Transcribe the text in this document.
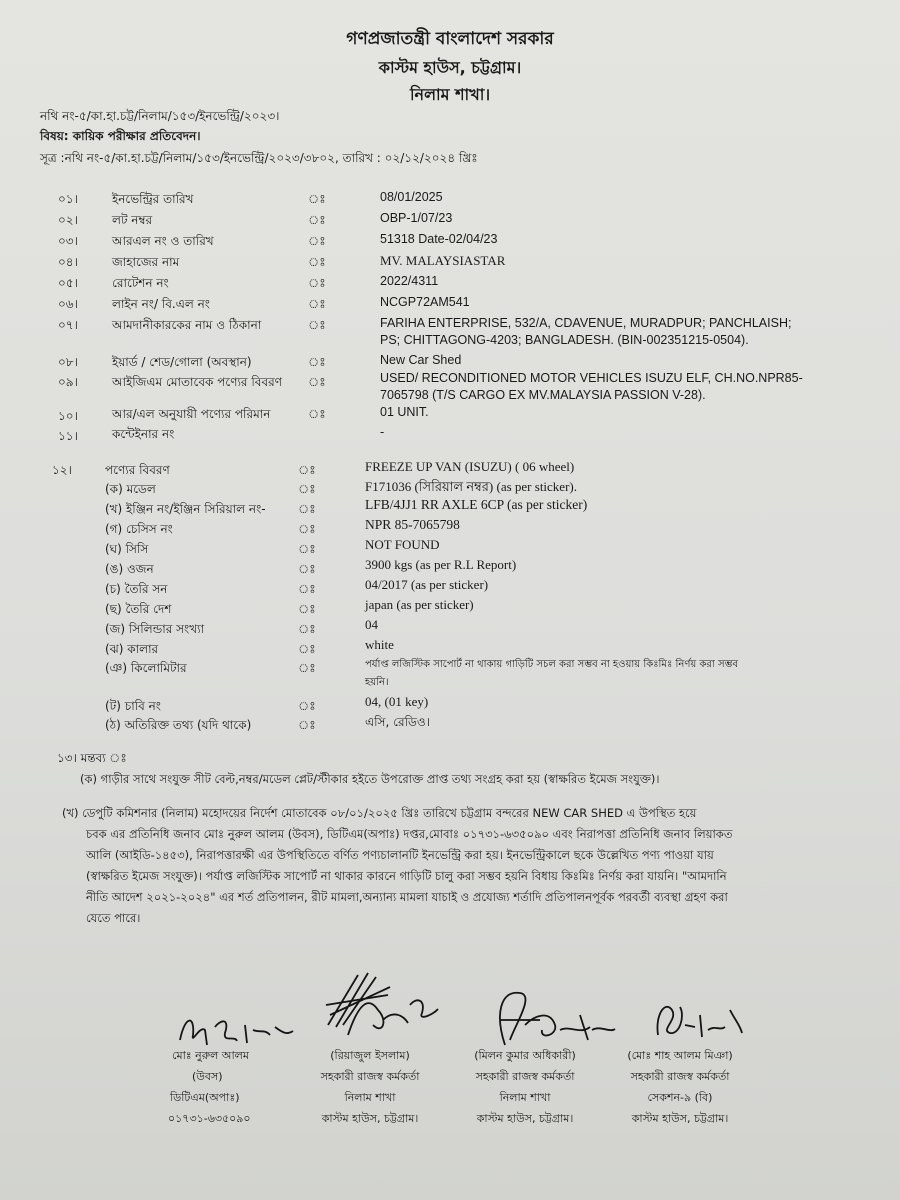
গণপ্রজাতন্ত্রী বাংলাদেশ সরকার
কাস্টম হাউস, চট্টগ্রাম।
নিলাম শাখা।
নথি নং-৫/কা.হা.চট্ট/নিলাম/১৫৩/ইনভেন্ট্রি/২০২৩।
বিষয়: কায়িক পরীক্ষার প্রতিবেদন।
সূত্র :নথি নং-৫/কা.হা.চট্ট/নিলাম/১৫৩/ইনভেন্ট্রি/২০২৩/৩৮০২, তারিখ : ০২/১২/২০২৪ খ্রিঃ
০১।	ইনভেন্ট্রির তারিখ	ঃ	08/01/2025
০২।	লট নম্বর	ঃ	OBP-1/07/23
০৩।	আরএল নং ও তারিখ	ঃ	51318 Date-02/04/23
০৪।	জাহাজের নাম	ঃ	MV. MALAYSIASTAR
০৫।	রোটেশন নং	ঃ	2022/4311
০৬।	লাইন নং/ বি.এল নং	ঃ	NCGP72AM541
০৭।	আমদানীকারকের নাম ও ঠিকানা	ঃ	FARIHA ENTERPRISE, 532/A, CDAVENUE, MURADPUR; PANCHLAISH;
PS; CHITTAGONG-4203; BANGLADESH. (BIN-002351215-0504).
০৮।	ইয়ার্ড / শেড/গোলা (অবস্থান)	ঃ	New Car Shed
০৯।	আইজিএম মোতাবেক পণ্যের বিবরণ ঃ	USED/ RECONDITIONED MOTOR VEHICLES ISUZU ELF, CH.NO.NPR85-
7065798 (T/S CARGO EX MV.MALAYSIA PASSION V-28).
১০।	আর/এল অনুযায়ী পণ্যের পরিমান	ঃ	01 UNIT.
১১।	কন্টেইনার নং	-
১২।	পণ্যের বিবরণ	ঃ	FREEZE UP VAN (ISUZU) ( 06 wheel)
(ক) মডেল	ঃ	F171036 (সিরিয়াল নম্বর) (as per sticker).
(খ) ইঞ্জিন নং/ইঞ্জিন সিরিয়াল নং-	ঃ	LFB/4JJ1 RR AXLE 6CP (as per sticker)
(গ) চেসিস নং	ঃ	NPR 85-7065798
(ঘ) সিসি	ঃ	NOT FOUND
(ঙ) ওজন	ঃ	3900 kgs (as per R.L Report)
(চ) তৈরি সন	ঃ	04/2017 (as per sticker)
(ছ) তৈরি দেশ	ঃ	japan (as per sticker)
(জ) সিলিন্ডার সংখ্যা	ঃ	04
(ঝ) কালার	ঃ	white
(ঞ) কিলোমিটার	ঃ	পর্যাপ্ত লজিস্টিক সাপোর্ট না থাকায় গাড়িটি সচল করা সম্ভব না হওয়ায় কিঃমিঃ নির্ণয় করা সম্ভব
হয়নি।
(ট) চাবি নং	ঃ	04, (01 key)
(ঠ) অতিরিক্ত তথ্য (যদি থাকে)	ঃ	এসি, রেডিও।
১৩। মন্তব্য ঃ
(ক) গাড়ীর সাথে সংযুক্ত সীট বেল্ট,নম্বর/মডেল প্লেট/স্টীকার হইতে উপরোক্ত প্রাপ্ত তথ্য সংগ্রহ করা হয় (স্বাক্ষরিত ইমেজ সংযুক্ত)।
(খ) ডেপুটি কমিশনার (নিলাম) মহোদয়ের নির্দেশ মোতাবেক ০৮/০১/২০২৫ খ্রিঃ তারিখে চট্টগ্রাম বন্দরের NEW CAR SHED এ উপস্থিত হয়ে
চবক এর প্রতিনিধি জনাব মোঃ নুরুল আলম (উবস), ডিটিএম(অপাঃ) দপ্তর,মোবাঃ ০১৭৩১-৬৩৫০৯০ এবং নিরাপত্তা প্রতিনিধি জনাব লিয়াকত
আলি (আইডি-১৪৫৩), নিরাপত্তারক্ষী এর উপস্থিতিতে বর্ণিত পণ্যচালানটি ইনভেন্ট্রি করা হয়। ইনভেন্ট্রিকালে ছকে উল্লেখিত পণ্য পাওয়া যায়
(স্বাক্ষরিত ইমেজ সংযুক্ত)। পর্যাপ্ত লজিস্টিক সাপোর্ট না থাকার কারনে গাড়িটি চালু করা সম্ভব হয়নি বিধায় কিঃমিঃ নির্ণয় করা যায়নি। "আমদানি
নীতি আদেশ ২০২১-২০২৪" এর শর্ত প্রতিপালন, রীট মামলা,অন্যান্য মামলা যাচাই ও প্রযোজ্য শর্তাদি প্রতিপালনপূর্বক পরবর্তী ব্যবস্থা গ্রহণ করা
যেতে পারে।
মোঃ নুরুল আলম
(উবস)
ডিটিএম(অপাঃ)
০১৭৩১-৬৩৫০৯০
(রিয়াজুল ইসলাম)
সহকারী রাজস্ব কর্মকর্তা
নিলাম শাখা
কাস্টম হাউস, চট্টগ্রাম।
(মিলন কুমার অধিকারী)
সহকারী রাজস্ব কর্মকর্তা
নিলাম শাখা
কাস্টম হাউস, চট্টগ্রাম।
(মোঃ শাহ আলম মিঞা)
সহকারী রাজস্ব কর্মকর্তা
সেকশন-৯ (বি)
কাস্টম হাউস, চট্টগ্রাম।
